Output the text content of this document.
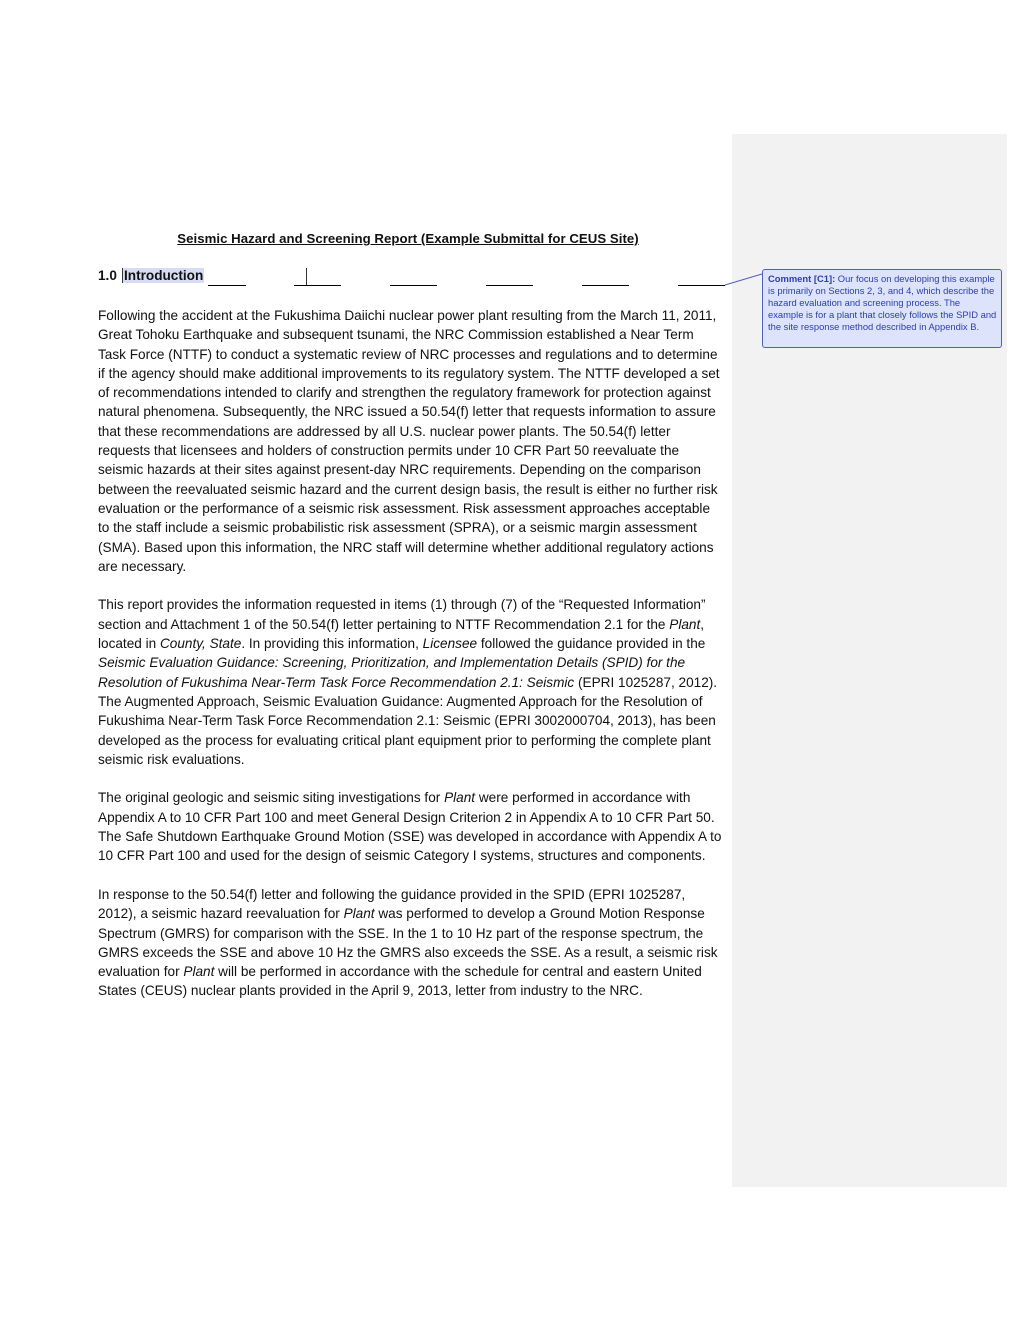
Seismic Hazard and Screening Report (Example Submittal for CEUS Site)
1.0 Introduction

Following the accident at the Fukushima Daiichi nuclear power plant resulting from the March 11, 2011, Great Tohoku Earthquake and subsequent tsunami, the NRC Commission established a Near Term Task Force (NTTF) to conduct a systematic review of NRC processes and regulations and to determine if the agency should make additional improvements to its regulatory system. The NTTF developed a set of recommendations intended to clarify and strengthen the regulatory framework for protection against natural phenomena. Subsequently, the NRC issued a 50.54(f) letter that requests information to assure that these recommendations are addressed by all U.S. nuclear power plants. The 50.54(f) letter requests that licensees and holders of construction permits under 10 CFR Part 50 reevaluate the seismic hazards at their sites against present-day NRC requirements. Depending on the comparison between the reevaluated seismic hazard and the current design basis, the result is either no further risk evaluation or the performance of a seismic risk assessment. Risk assessment approaches acceptable to the staff include a seismic probabilistic risk assessment (SPRA), or a seismic margin assessment (SMA). Based upon this information, the NRC staff will determine whether additional regulatory actions are necessary.

This report provides the information requested in items (1) through (7) of the “Requested Information” section and Attachment 1 of the 50.54(f) letter pertaining to NTTF Recommendation 2.1 for the Plant, located in County, State. In providing this information, Licensee followed the guidance provided in the Seismic Evaluation Guidance: Screening, Prioritization, and Implementation Details (SPID) for the Resolution of Fukushima Near-Term Task Force Recommendation 2.1: Seismic (EPRI 1025287, 2012). The Augmented Approach, Seismic Evaluation Guidance: Augmented Approach for the Resolution of Fukushima Near-Term Task Force Recommendation 2.1: Seismic (EPRI 3002000704, 2013), has been developed as the process for evaluating critical plant equipment prior to performing the complete plant seismic risk evaluations.

The original geologic and seismic siting investigations for Plant were performed in accordance with Appendix A to 10 CFR Part 100 and meet General Design Criterion 2 in Appendix A to 10 CFR Part 50. The Safe Shutdown Earthquake Ground Motion (SSE) was developed in accordance with Appendix A to 10 CFR Part 100 and used for the design of seismic Category I systems, structures and components.

In response to the 50.54(f) letter and following the guidance provided in the SPID (EPRI 1025287, 2012), a seismic hazard reevaluation for Plant was performed to develop a Ground Motion Response Spectrum (GMRS) for comparison with the SSE. In the 1 to 10 Hz part of the response spectrum, the GMRS exceeds the SSE and above 10 Hz the GMRS also exceeds the SSE. As a result, a seismic risk evaluation for Plant will be performed in accordance with the schedule for central and eastern United States (CEUS) nuclear plants provided in the April 9, 2013, letter from industry to the NRC.

Comment [C1]: Our focus on developing this example is primarily on Sections 2, 3, and 4, which describe the hazard evaluation and screening process. The example is for a plant that closely follows the SPID and the site response method described in Appendix B.
